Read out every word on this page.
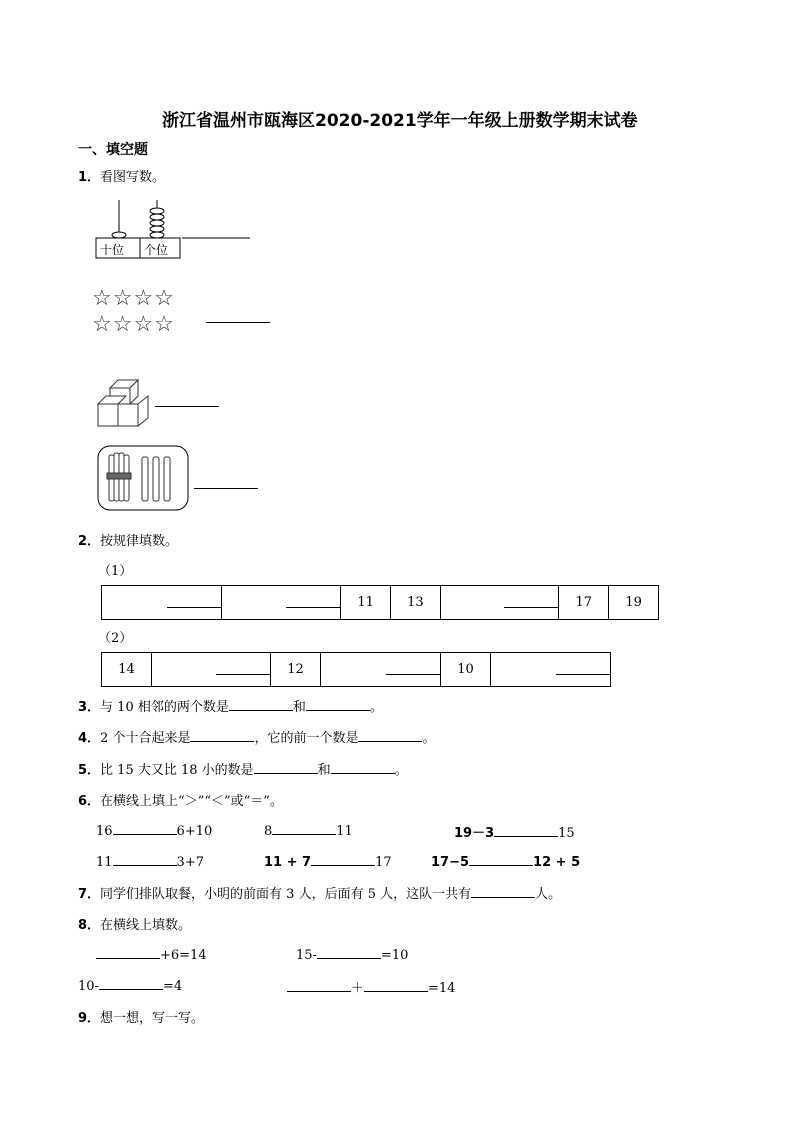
浙江省温州市瓯海区2020-2021学年一年级上册数学期末试卷
一、填空题
1．看图写数。
十位 个位
☆☆☆☆
☆☆☆☆
2．按规律填数。
（1）
		11	13		17	19
（2）
14		12		10	
3．与 10 相邻的两个数是	和	。
4．2 个十合起来是	，它的前一个数是	。
5．比 15 大又比 18 小的数是	和	。
6．在横线上填上“＞”“＜”或“＝”。
16	6+10	8	11	19－3	15
11	3+7	11 + 7	17	17−5	12 + 5
7．同学们排队取餐，小明的前面有 3 人，后面有 5 人，这队一共有	人。
8．在横线上填数。
+6=14	15-	=10
10-	=4	＋	=14
9．想一想，写一写。
